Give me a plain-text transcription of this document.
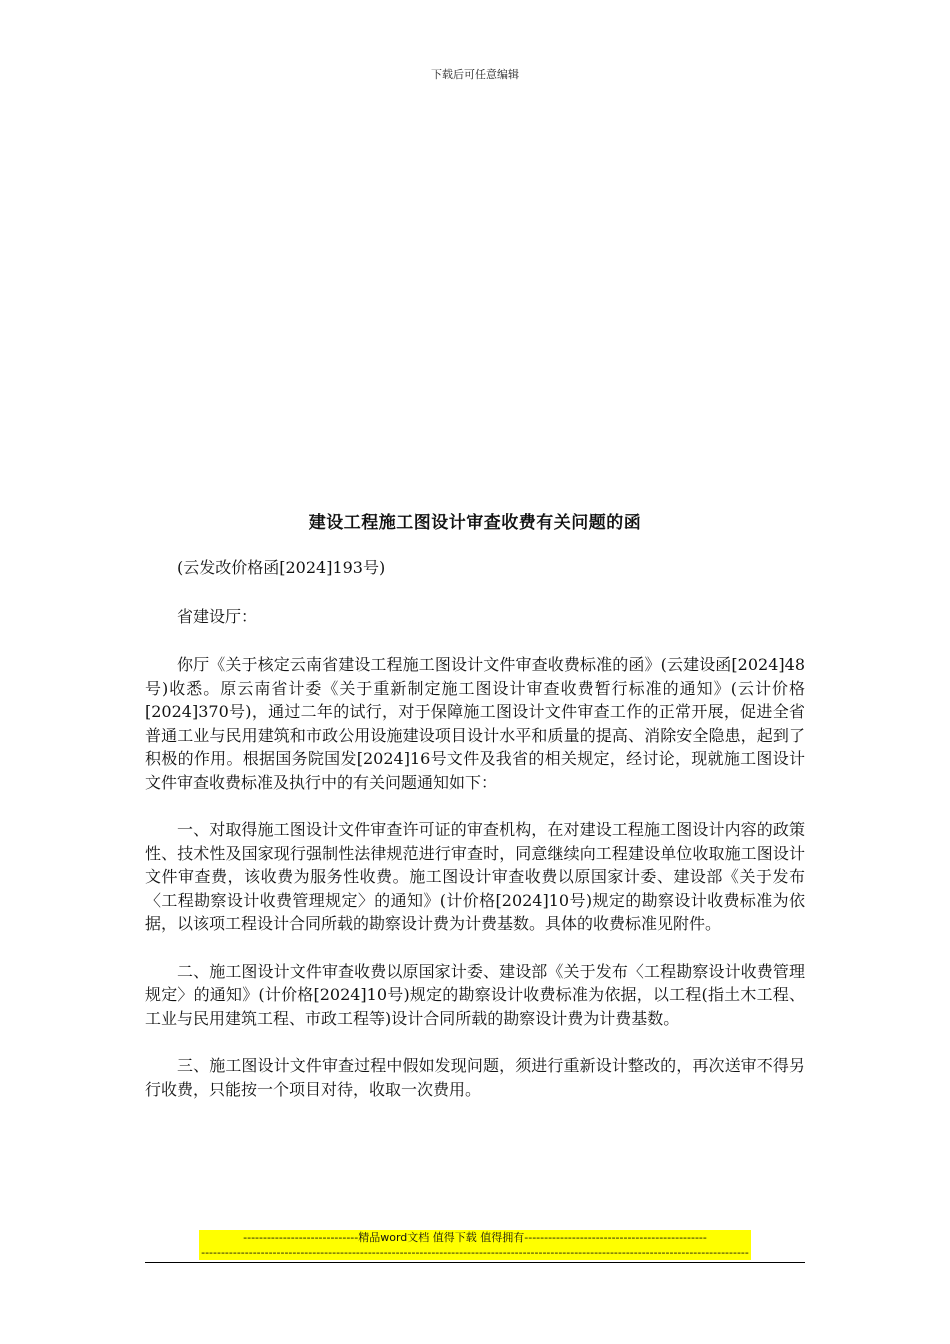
下载后可任意编辑
建设工程施工图设计审查收费有关问题的函

(云发改价格函[2024]193号)

省建设厅：

你厅《关于核定云南省建设工程施工图设计文件审查收费标准的函》(云建设函[2024]48号)收悉。原云南省计委《关于重新制定施工图设计审查收费暂行标准的通知》(云计价格[2024]370号)，通过二年的试行，对于保障施工图设计文件审查工作的正常开展，促进全省普通工业与民用建筑和市政公用设施建设项目设计水平和质量的提高、消除安全隐患，起到了积极的作用。根据国务院国发[2024]16号文件及我省的相关规定，经讨论，现就施工图设计文件审查收费标准及执行中的有关问题通知如下：

一、对取得施工图设计文件审查许可证的审查机构，在对建设工程施工图设计内容的政策性、技术性及国家现行强制性法律规范进行审查时，同意继续向工程建设单位收取施工图设计文件审查费，该收费为服务性收费。施工图设计审查收费以原国家计委、建设部《关于发布〈工程勘察设计收费管理规定〉的通知》(计价格[2024]10号)规定的勘察设计收费标准为依据，以该项工程设计合同所载的勘察设计费为计费基数。具体的收费标准见附件。

二、施工图设计文件审查收费以原国家计委、建设部《关于发布〈工程勘察设计收费管理规定〉的通知》(计价格[2024]10号)规定的勘察设计收费标准为依据，以工程(指土木工程、工业与民用建筑工程、市政工程等)设计合同所载的勘察设计费为计费基数。

三、施工图设计文件审查过程中假如发现问题，须进行重新设计整改的，再次送审不得另行收费，只能按一个项目对待，收取一次费用。

-----------------------------精品word文档 值得下载 值得拥有----------------------------------------------
------------------------------------------------------------------------------------------------------------------------------------------
